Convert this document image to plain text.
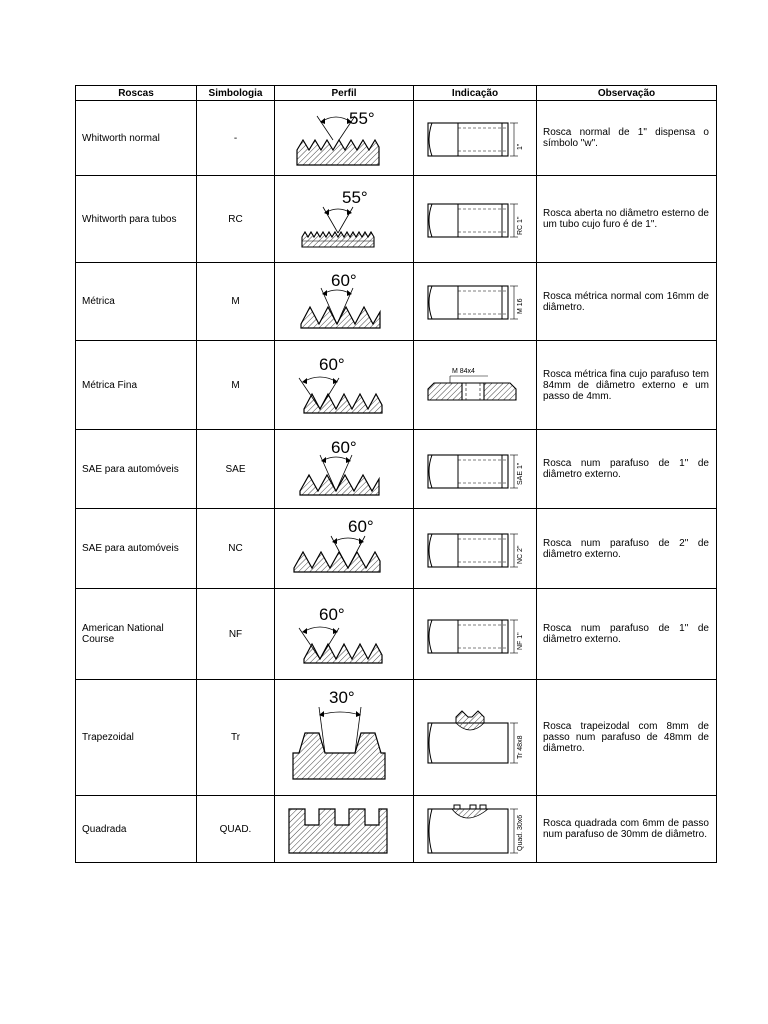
Roscas	Simbologia	Perfil	Indicação	Observação
Whitworth normal	-	55°	1"	Rosca normal de 1" dispensa o símbolo "w".

Whitworth para tubos	RC	55°	RC 1"	Rosca aberta no diâmetro esterno de um tubo cujo furo é de 1".

Métrica	M	60°	M 16	Rosca métrica normal com 16mm de diâmetro.

Métrica Fina	M	60°	M 84x4	Rosca métrica fina cujo parafuso tem 84mm de diâmetro externo e um passo de 4mm.

SAE para automóveis	SAE	60°	SAE 1"	Rosca num parafuso de 1" de diâmetro externo.

SAE para automóveis	NC	60°	NC 2"	Rosca num parafuso de 2" de diâmetro externo.

American National Course	NF	60°	NF 1"	Rosca num parafuso de 1" de diâmetro externo.

Trapezoidal	Tr	30°	Tr 48x8	Rosca trapeizodal com 8mm de passo num parafuso de 48mm de diâmetro.

Quadrada	QUAD.		Quad. 30x6	Rosca quadrada com 6mm de passo num parafuso de 30mm de diâmetro.
